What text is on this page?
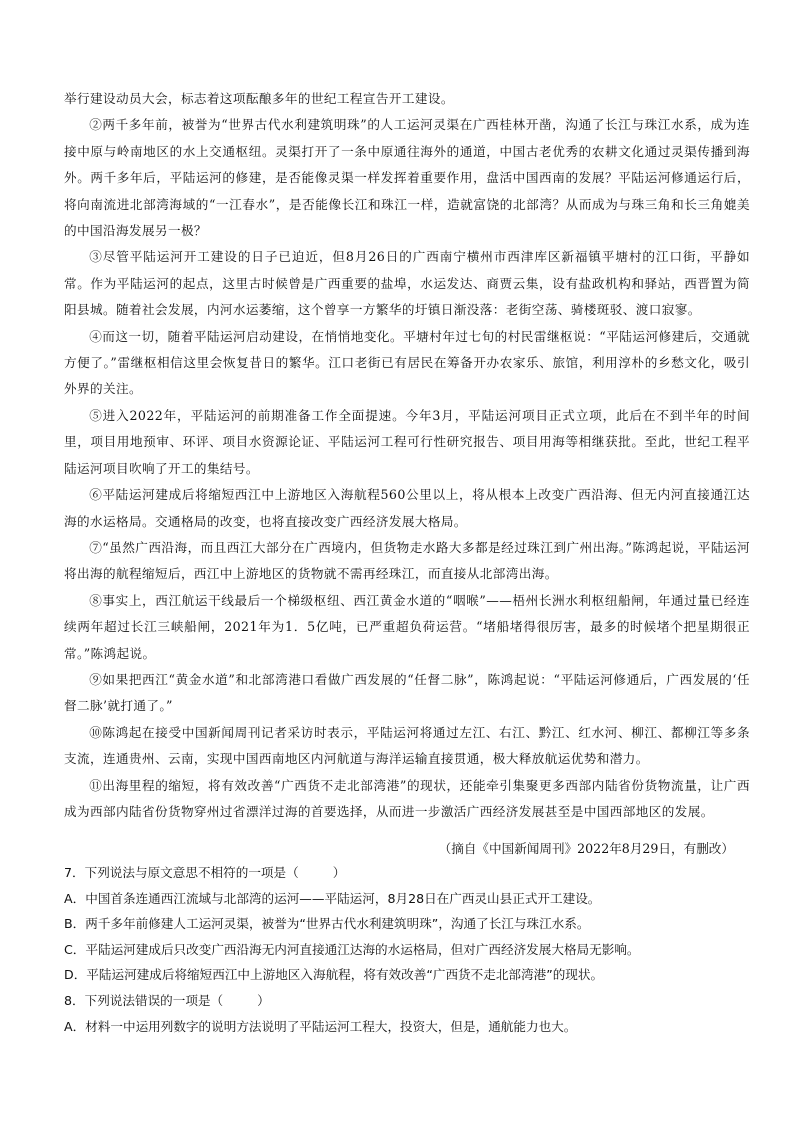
举行建设动员大会，标志着这项酝酿多年的世纪工程宣告开工建设。

②两千多年前，被誉为“世界古代水利建筑明珠”的人工运河灵渠在广西桂林开凿，沟通了长江与珠江水系，成为连接中原与岭南地区的水上交通枢纽。灵渠打开了一条中原通往海外的通道，中国古老优秀的农耕文化通过灵渠传播到海外。两千多年后，平陆运河的修建，是否能像灵渠一样发挥着重要作用，盘活中国西南的发展？平陆运河修通运行后，将向南流进北部湾海域的“一江春水”，是否能像长江和珠江一样，造就富饶的北部湾？从而成为与珠三角和长三角媲美的中国沿海发展另一极？

③尽管平陆运河开工建设的日子已迫近，但8月26日的广西南宁横州市西津库区新福镇平塘村的江口街，平静如常。作为平陆运河的起点，这里古时候曾是广西重要的盐埠，水运发达、商贾云集，设有盐政机构和驿站，西晋置为简阳县城。随着社会发展，内河水运萎缩，这个曾享一方繁华的圩镇日渐没落：老街空荡、骑楼斑驳、渡口寂寥。

④而这一切，随着平陆运河启动建设，在悄悄地变化。平塘村年过七旬的村民雷继枢说：“平陆运河修建后，交通就方便了。”雷继枢相信这里会恢复昔日的繁华。江口老街已有居民在筹备开办农家乐、旅馆，利用淳朴的乡愁文化，吸引外界的关注。

⑤进入2022年，平陆运河的前期准备工作全面提速。今年3月，平陆运河项目正式立项，此后在不到半年的时间里，项目用地预审、环评、项目水资源论证、平陆运河工程可行性研究报告、项目用海等相继获批。至此，世纪工程平陆运河项目吹响了开工的集结号。

⑥平陆运河建成后将缩短西江中上游地区入海航程560公里以上，将从根本上改变广西沿海、但无内河直接通江达海的水运格局。交通格局的改变，也将直接改变广西经济发展大格局。

⑦“虽然广西沿海，而且西江大部分在广西境内，但货物走水路大多都是经过珠江到广州出海。”陈鸿起说，平陆运河将出海的航程缩短后，西江中上游地区的货物就不需再经珠江，而直接从北部湾出海。

⑧事实上，西江航运干线最后一个梯级枢纽、西江黄金水道的“咽喉”——梧州长洲水利枢纽船闸，年通过量已经连续两年超过长江三峡船闸，2021年为1．5亿吨，已严重超负荷运营。“堵船堵得很厉害，最多的时候堵个把星期很正常。”陈鸿起说。

⑨如果把西江“黄金水道”和北部湾港口看做广西发展的“任督二脉”，陈鸿起说：“平陆运河修通后，广西发展的‘任督二脉’就打通了。”

⑩陈鸿起在接受中国新闻周刊记者采访时表示，平陆运河将通过左江、右江、黔江、红水河、柳江、都柳江等多条支流，连通贵州、云南，实现中国西南地区内河航道与海洋运输直接贯通，极大释放航运优势和潜力。

⑪出海里程的缩短，将有效改善“广西货不走北部湾港”的现状，还能牵引集聚更多西部内陆省份货物流量，让广西成为西部内陆省份货物穿州过省漂洋过海的首要选择，从而进一步激活广西经济发展甚至是中国西部地区的发展。

（摘自《中国新闻周刊》2022年8月29日，有删改）
7．下列说法与原文意思不相符的一项是（	）
A．中国首条连通西江流域与北部湾的运河——平陆运河，8月28日在广西灵山县正式开工建设。
B．两千多年前修建人工运河灵渠，被誉为“世界古代水利建筑明珠”，沟通了长江与珠江水系。
C．平陆运河建成后只改变广西沿海无内河直接通江达海的水运格局，但对广西经济发展大格局无影响。
D．平陆运河建成后将缩短西江中上游地区入海航程，将有效改善“广西货不走北部湾港”的现状。
8．下列说法错误的一项是（	）
A．材料一中运用列数字的说明方法说明了平陆运河工程大，投资大，但是，通航能力也大。
